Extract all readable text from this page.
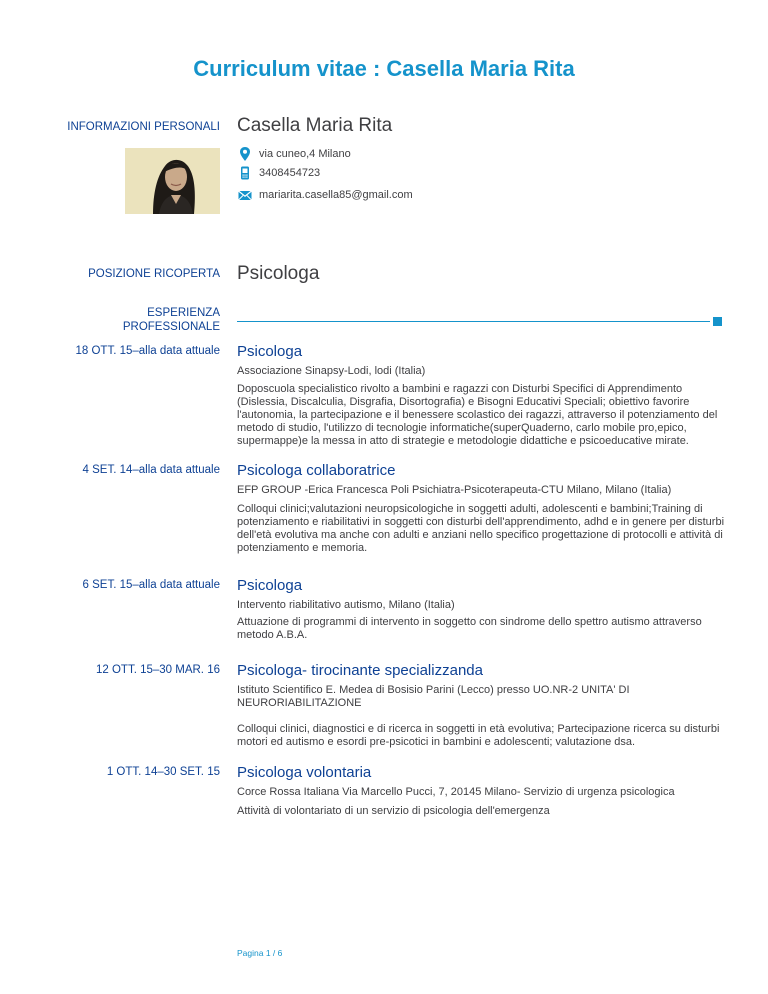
Curriculum vitae : Casella Maria Rita
INFORMAZIONI PERSONALI Casella Maria Rita
via cuneo,4 Milano
3408454723
mariarita.casella85@gmail.com
POSIZIONE RICOPERTA Psicologa
ESPERIENZA
PROFESSIONALE
18 OTT. 15–alla data attuale Psicologa
Associazione Sinapsy-Lodi, lodi (Italia)
Doposcuola specialistico rivolto a bambini e ragazzi con Disturbi Specifici di Apprendimento (Dislessia, Discalculia, Disgrafia, Disortografia) e Bisogni Educativi Speciali; obiettivo favorire l'autonomia, la partecipazione e il benessere scolastico dei ragazzi, attraverso il potenziamento del metodo di studio, l'utilizzo di tecnologie informatiche(superQuaderno, carlo mobile pro,epico, supermappe)e la messa in atto di strategie e metodologie didattiche e psicoeducative mirate.
4 SET. 14–alla data attuale Psicologa collaboratrice
EFP GROUP -Erica Francesca Poli Psichiatra-Psicoterapeuta-CTU Milano, Milano (Italia)
Colloqui clinici;valutazioni neuropsicologiche in soggetti adulti, adolescenti e bambini;Training di potenziamento e riabilitativi in soggetti con disturbi dell'apprendimento, adhd e in genere per disturbi dell'età evolutiva ma anche con adulti e anziani nello specifico progettazione di protocolli e attività di potenziamento e memoria.
6 SET. 15–alla data attuale Psicologa
Intervento riabilitativo autismo, Milano (Italia)
Attuazione di programmi di intervento in soggetto con sindrome dello spettro autismo attraverso metodo A.B.A.
12 OTT. 15–30 MAR. 16 Psicologa- tirocinante specializzanda
Istituto Scientifico E. Medea di Bosisio Parini (Lecco) presso UO.NR-2 UNITA' DI NEURORIABILITAZIONE
Colloqui clinici, diagnostici e di ricerca in soggetti in età evolutiva; Partecipazione ricerca su disturbi motori ed autismo e esordi pre-psicotici in bambini e adolescenti; valutazione dsa.
1 OTT. 14–30 SET. 15 Psicologa volontaria
Corce Rossa Italiana Via Marcello Pucci, 7, 20145 Milano- Servizio di urgenza psicologica
Attività di volontariato di un servizio di psicologia dell'emergenza
Pagina 1 / 6
